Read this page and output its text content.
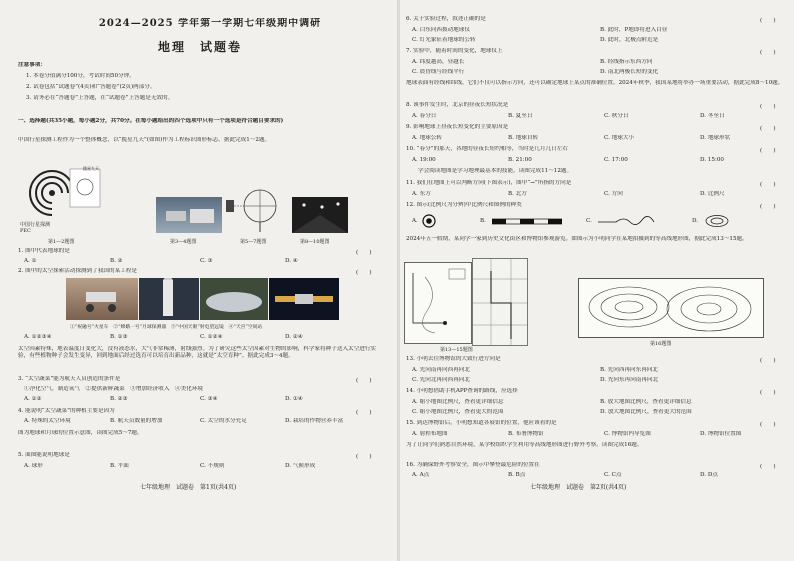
2024—2025 学年第一学期七年级期中调研
地理　试题卷
注意事项：
1. 本卷分值满分100分，考试时间50分钟。
2. 试卷包括“试题卷”(4页)和“答题卷”(2页)两部分。
3. 请务必在“答题卷”上答题，在“试题卷”上答题是无效的。
一、选择题(共35小题，每小题2分，共70分。在每小题给出的四个选项中只有一个选项是符合题目要求的)
中国行星探测工程作为一个整体概念，以“揽星九天”(如图)作为工程标识图形标志。据此完成1～2题。
揽星九天
中国行星探测
PEC
第1—2题图	第3—4题图	第5—7题图	第8—10题图
1. 图中代表地球的是	(　　)
A. ①	B. ②	C. ③	D. ④
2. 图中的太空探索活动探测到了我国的某工程是	(　　)
①“祝融号”火星车　②“嫦娥一号”月球探测器　③“中国天眼”射电望远镜　④“天宫”空间站
A. ①②③④	B. ①③	C. ①②④	D. ②④
太空因素特殊，地表温度日变化大，没有液态水，大气非常稀薄，射线强烈。为了研究这些太空因素对生物的影响，科学家将种子送入太空进行实验，有些植物种子会发生变异，回到地面后经过选育可以培育出新品种，这就是“太空育种”。据此完成3～4题。
3. “太空蔬菜”能为航天人员创造的条件是	(　　)
①净化空气，制造氧气　②提供新鲜蔬菜　③增加经济收入　④美化环境
A. ①②	B. ②③	C. ③④	D. ①④
4. 能说明“太空蔬菜”的种植主要是因为	(　　)
A. 特殊的太空环境	B. 航天员数量的增加	C. 太空的水分充足	D. 栽培的作物营养丰富
图为地球和月球的位置示意图，读图完成5～7题。
5. 面图能说明地球是	(　　)
A. 球形	B. 平面	C. 不规则	D. 气候形成
七年级地理　试题卷　第1页(共4页)
6. 关于实验过程，叙述正确的是	(　　)
A. 白东向西拨动地球仪	B. 此时，P地即将进入白昼
C. 灯光象征着地球的公转	D. 此时，北极点附近是
7. 实验中，随着时间的变化，地球仪上	(　　)
A. 纬度越高，昼越长	B. 经线指示东西方向
C. 晨昏线与经线平行	D. 南北两极长短的变化
地球表面有经线和纬线，它们不仅可以指示方向，还可以确定地球上某点的准确位置。2024年秋季，我国某地将举办一场重要活动，据此完成8～10题。
8. 该事件发生时，北京的昼夜长短状况是	(　　)
A. 春分日	B. 夏至日	C. 秋分日	D. 冬至日
9. 影响地球上昼夜长短变化的主要原因是	(　　)
A. 地球公转	B. 地球自转	C. 地球大小	D. 地球形状
10. “春分”的那天，各地的昼夜长短约相等，当时是几月几日左右	(　　)
A. 19:00	B. 21:00	C. 17:00	D. 15:00
学会阅读地图是学习地理最基本的技能，读图完成11～12题。
11. 我们在地图上可以判断方向(下图表示)，图中“→”所指的方向是	(　　)
A. 东方	B. 北方	C. 方向	D. 比例尺
12. 图示(比例尺为分辨)中比例尺和图例的种类	(　　)
A.	B.	C.	D.
2024年五一假期，某同学一家到历史文化街区和博物馆参观游览。如图示为小明同学在某地拍摄到的等高线地形图，据此完成13～15题。
第13—15题图
第16题图
13. 小明去往博物馆的大致行进方向是	(　　)
A. 先向南再向西再向北	B. 先向西再向东再向北
C. 先向北再向西再向北	D. 先向东再向南再向北
14. 小明想借助手机APP查询的路线，应选择	(　　)
A. 缩小地图比例尺，查看更详细信息	B. 放大地图比例尺，查看更详细信息
C. 缩小地图比例尺，查看更大的范围	D. 放大地图比例尺，查看更大的范围
15. 到达博物馆后，小明想知道各展馆的位置，他应该看的是	(　　)
A. 射程布地图	B. 布署博物馆	C. 博物馆内导览图	D. 博物馆位置图
为了让同学们熟悉自然环境，某学校组织学生利用等高线地形图进行野外考察。读图完成16题。
16. 为确保野外考察安全，图示中攀登最危险的位置在	(　　)
A. A点	B. B点	C. C点	D. D点
七年级地理　试题卷　第2页(共4页)
